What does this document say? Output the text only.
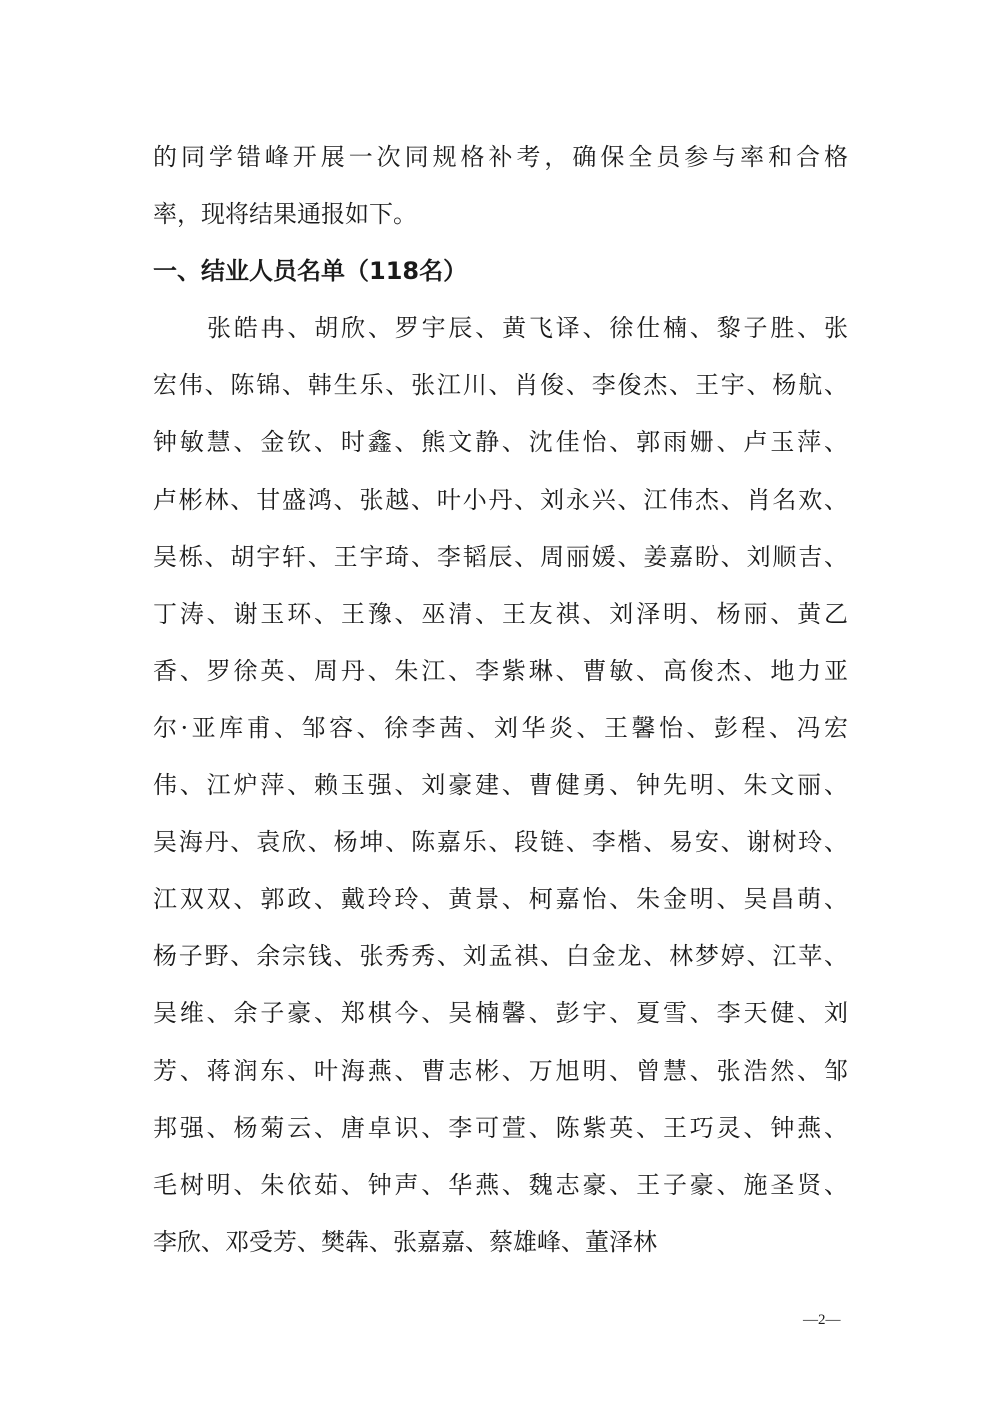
的同学错峰开展一次同规格补考，确保全员参与率和合格
率，现将结果通报如下。
一、结业人员名单（118名）
张皓冉、胡欣、罗宇辰、黄飞译、徐仕楠、黎子胜、张
宏伟、陈锦、韩生乐、张江川、肖俊、李俊杰、王宇、杨航、
钟敏慧、金钦、时鑫、熊文静、沈佳怡、郭雨姗、卢玉萍、
卢彬林、甘盛鸿、张越、叶小丹、刘永兴、江伟杰、肖名欢、
吴栎、胡宇轩、王宇琦、李韬辰、周丽媛、姜嘉盼、刘顺吉、
丁涛、谢玉环、王豫、巫清、王友祺、刘泽明、杨丽、黄乙
香、罗徐英、周丹、朱江、李紫琳、曹敏、高俊杰、地力亚
尔·亚库甫、邹容、徐李茜、刘华炎、王馨怡、彭程、冯宏
伟、江炉萍、赖玉强、刘豪建、曹健勇、钟先明、朱文丽、
吴海丹、袁欣、杨坤、陈嘉乐、段链、李楷、易安、谢树玲、
江双双、郭政、戴玲玲、黄景、柯嘉怡、朱金明、吴昌萌、
杨子野、余宗钱、张秀秀、刘孟祺、白金龙、林梦婷、江苹、
吴维、余子豪、郑棋今、吴楠馨、彭宇、夏雪、李天健、刘
芳、蒋润东、叶海燕、曹志彬、万旭明、曾慧、张浩然、邹
邦强、杨菊云、唐卓识、李可萱、陈紫英、王巧灵、钟燕、
毛树明、朱依茹、钟声、华燕、魏志豪、王子豪、施圣贤、
李欣、邓受芳、樊犇、张嘉嘉、蔡雄峰、董泽林
—2—
